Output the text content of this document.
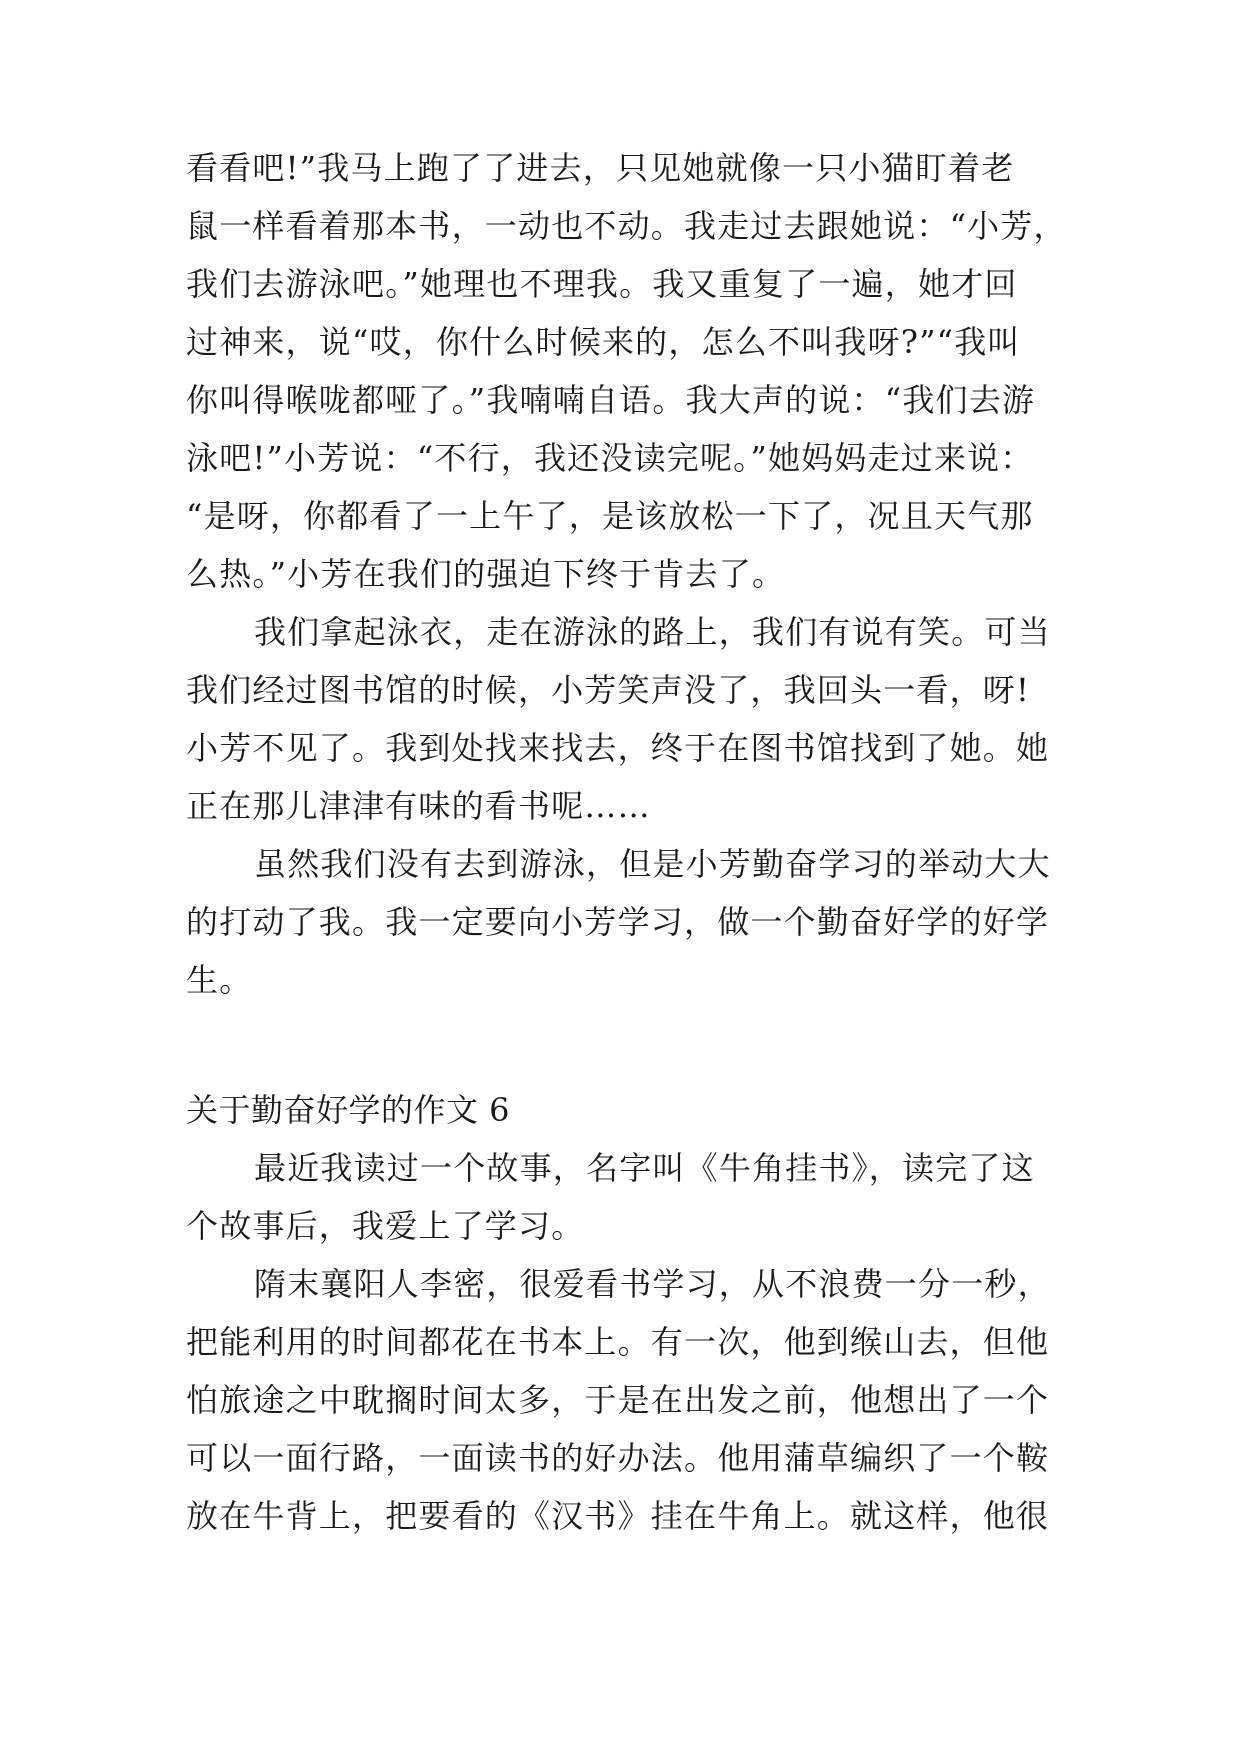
看看吧!”我马上跑了了进去，只见她就像一只小猫盯着老
鼠一样看着那本书，一动也不动。我走过去跟她说：“小芳，
我们去游泳吧。”她理也不理我。我又重复了一遍，她才回
过神来，说“哎，你什么时候来的，怎么不叫我呀?”“我叫
你叫得喉咙都哑了。”我喃喃自语。我大声的说：“我们去游
泳吧!”小芳说：“不行，我还没读完呢。”她妈妈走过来说：
“是呀，你都看了一上午了，是该放松一下了，况且天气那
么热。”小芳在我们的强迫下终于肯去了。
我们拿起泳衣，走在游泳的路上，我们有说有笑。可当
我们经过图书馆的时候，小芳笑声没了，我回头一看，呀!
小芳不见了。我到处找来找去，终于在图书馆找到了她。她
正在那儿津津有味的看书呢……
虽然我们没有去到游泳，但是小芳勤奋学习的举动大大
的打动了我。我一定要向小芳学习，做一个勤奋好学的好学
生。
关于勤奋好学的作文 6
最近我读过一个故事，名字叫《牛角挂书》，读完了这
个故事后，我爱上了学习。
隋末襄阳人李密，很爱看书学习，从不浪费一分一秒，
把能利用的时间都花在书本上。有一次，他到缑山去，但他
怕旅途之中耽搁时间太多，于是在出发之前，他想出了一个
可以一面行路，一面读书的好办法。他用蒲草编织了一个鞍
放在牛背上，把要看的《汉书》挂在牛角上。就这样，他很
